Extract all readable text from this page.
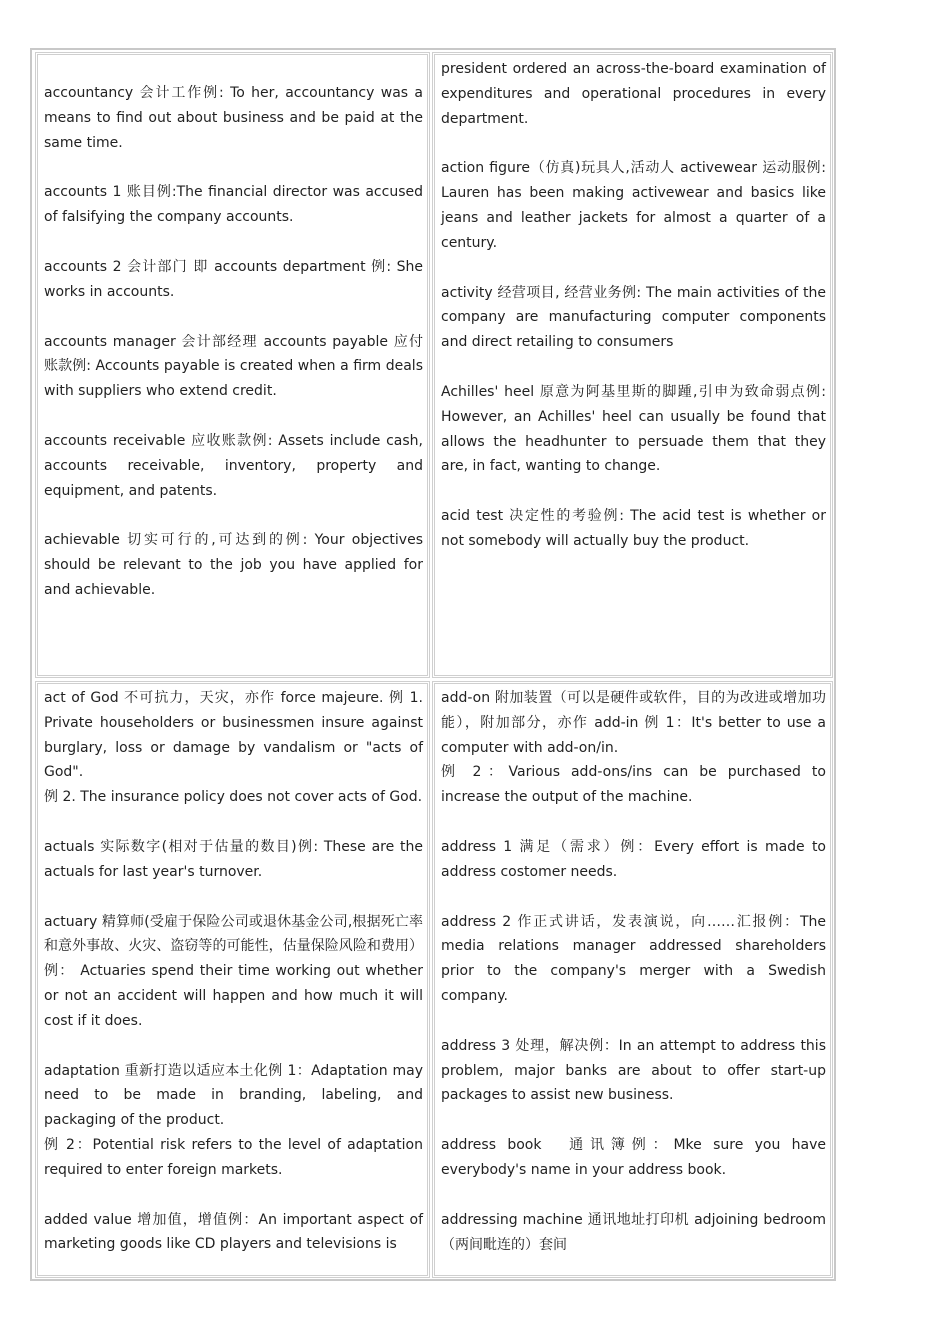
accountancy 会计工作例: To her, accountancy was a means to find out about business and be paid at the same time.

accounts 1 账目例:The financial director was accused of falsifying the company accounts.

accounts 2 会计部门 即 accounts department 例: She works in accounts.

accounts manager 会计部经理 accounts payable 应付账款例: Accounts payable is created when a firm deals with suppliers who extend credit.

accounts receivable 应收账款例: Assets include cash, accounts receivable, inventory, property and equipment, and patents.

achievable 切实可行的,可达到的例: Your objectives should be relevant to the job you have applied for and achievable.

president ordered an across-the-board examination of expenditures and operational procedures in every department.

action figure（仿真)玩具人,活动人 activewear 运动服例: Lauren has been making activewear and basics like jeans and leather jackets for almost a quarter of a century.

activity 经营项目, 经营业务例: The main activities of the company are manufacturing computer components and direct retailing to consumers

Achilles' heel 原意为阿基里斯的脚踵,引申为致命弱点例: However, an Achilles' heel can usually be found that allows the headhunter to persuade them that they are, in fact, wanting to change.

acid test 决定性的考验例: The acid test is whether or not somebody will actually buy the product.

act of God 不可抗力，天灾，亦作 force majeure. 例 1. Private householders or businessmen insure against burglary, loss or damage by vandalism or "acts of God".

例 2. The insurance policy does not cover acts of God.

actuals 实际数字(相对于估量的数目)例: These are the actuals for last year's turnover.

actuary 精算师(受雇于保险公司或退休基金公司,根据死亡率和意外事故、火灾、盗窃等的可能性，估量保险风险和费用）例： Actuaries spend their time working out whether or not an accident will happen and how much it will cost if it does.

adaptation 重新打造以适应本土化例 1：Adaptation may need to be made in branding, labeling, and packaging of the product.

例 2：Potential risk refers to the level of adaptation required to enter foreign markets.

added value 增加值，增值例：An important aspect of marketing goods like CD players and televisions is

add-on 附加装置（可以是硬件或软件，目的为改进或增加功能），附加部分，亦作 add-in 例 1：It's better to use a computer with add-on/in.

例 2：Various add-ons/ins can be purchased to increase the output of the machine.

address 1 满足（需求）例：Every effort is made to address costomer needs.

address 2 作正式讲话，发表演说，向……汇报例：The media relations manager addressed shareholders prior to the company's merger with a Swedish company.

address 3 处理，解决例：In an attempt to address this problem, major banks are about to offer start-up packages to assist new business.

address book　通讯簿例：Mke sure you have everybody's name in your address book.

addressing machine 通讯地址打印机 adjoining bedroom（两间毗连的）套间
